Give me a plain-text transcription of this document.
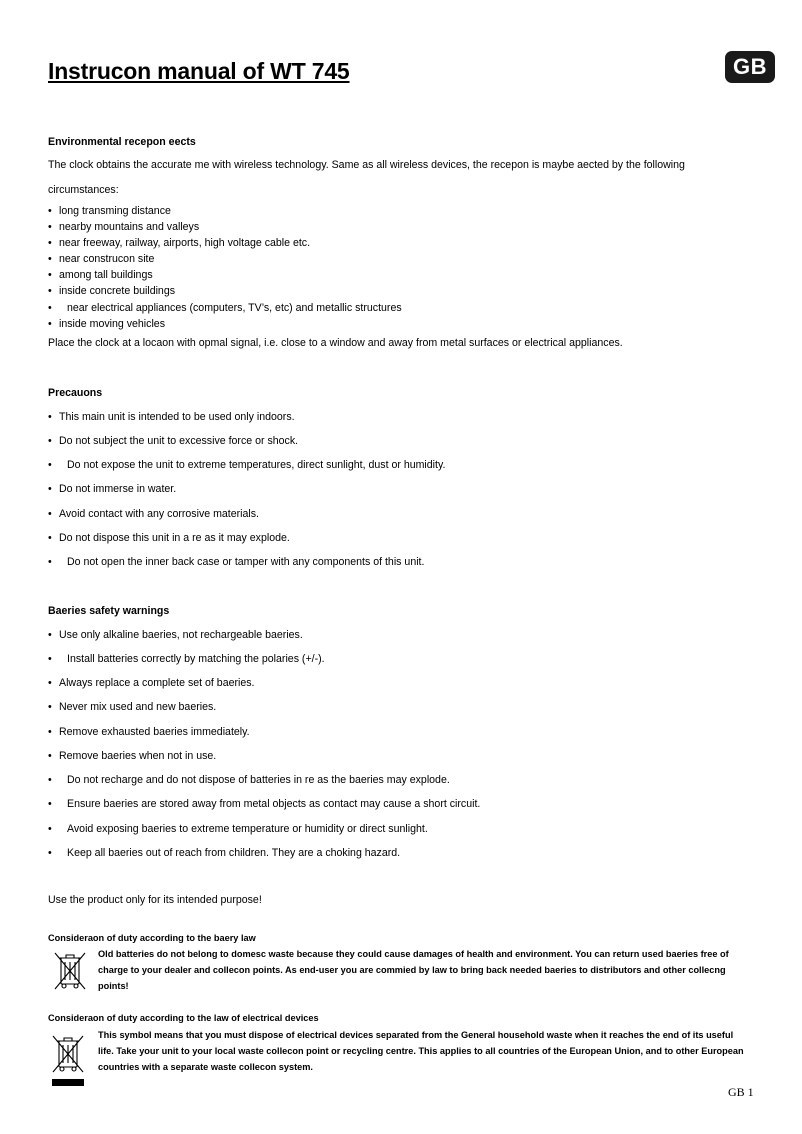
Instrucon manual of WT 745	GB
Environmental recepon eects
The clock obtains the accurate me with wireless technology. Same as all wireless devices, the recepon is maybe aected by the following
circumstances:
• long transming distance
• nearby mountains and valleys
• near freeway, railway, airports, high voltage cable etc.
• near construcon site
• among tall buildings
• inside concrete buildings
• near electrical appliances (computers, TV’s, etc) and metallic structures
• inside moving vehicles
Place the clock at a locaon with opmal signal, i.e. close to a window and away from metal surfaces or electrical appliances.
Precauons
• This main unit is intended to be used only indoors.
• Do not subject the unit to excessive force or shock.
• Do not expose the unit to extreme temperatures, direct sunlight, dust or humidity.
• Do not immerse in water.
• Avoid contact with any corrosive materials.
• Do not dispose this unit in a re as it may explode.
• Do not open the inner back case or tamper with any components of this unit.
Baeries safety warnings
• Use only alkaline baeries, not rechargeable baeries.
• Install batteries correctly by matching the polaries (+/-).
• Always replace a complete set of baeries.
• Never mix used and new baeries.
• Remove exhausted baeries immediately.
• Remove baeries when not in use.
• Do not recharge and do not dispose of batteries in re as the baeries may explode.
• Ensure baeries are stored away from metal objects as contact may cause a short circuit.
• Avoid exposing baeries to extreme temperature or humidity or direct sunlight.
• Keep all baeries out of reach from children. They are a choking hazard.
Use the product only for its intended purpose!
Consideraon of duty according to the baery law
Old batteries do not belong to domesc waste because they could cause damages of health and environment. You can return used baeries free of charge to your dealer and collecon points. As end-user you are commied by law to bring back needed baeries to distributors and other collecng points!
Consideraon of duty according to the law of electrical devices
This symbol means that you must dispose of electrical devices separated from the General household waste when it reaches the end of its useful life. Take your unit to your local waste collecon point or recycling centre. This applies to all countries of the European Union, and to other European countries with a separate waste collecon system.
GB 1
